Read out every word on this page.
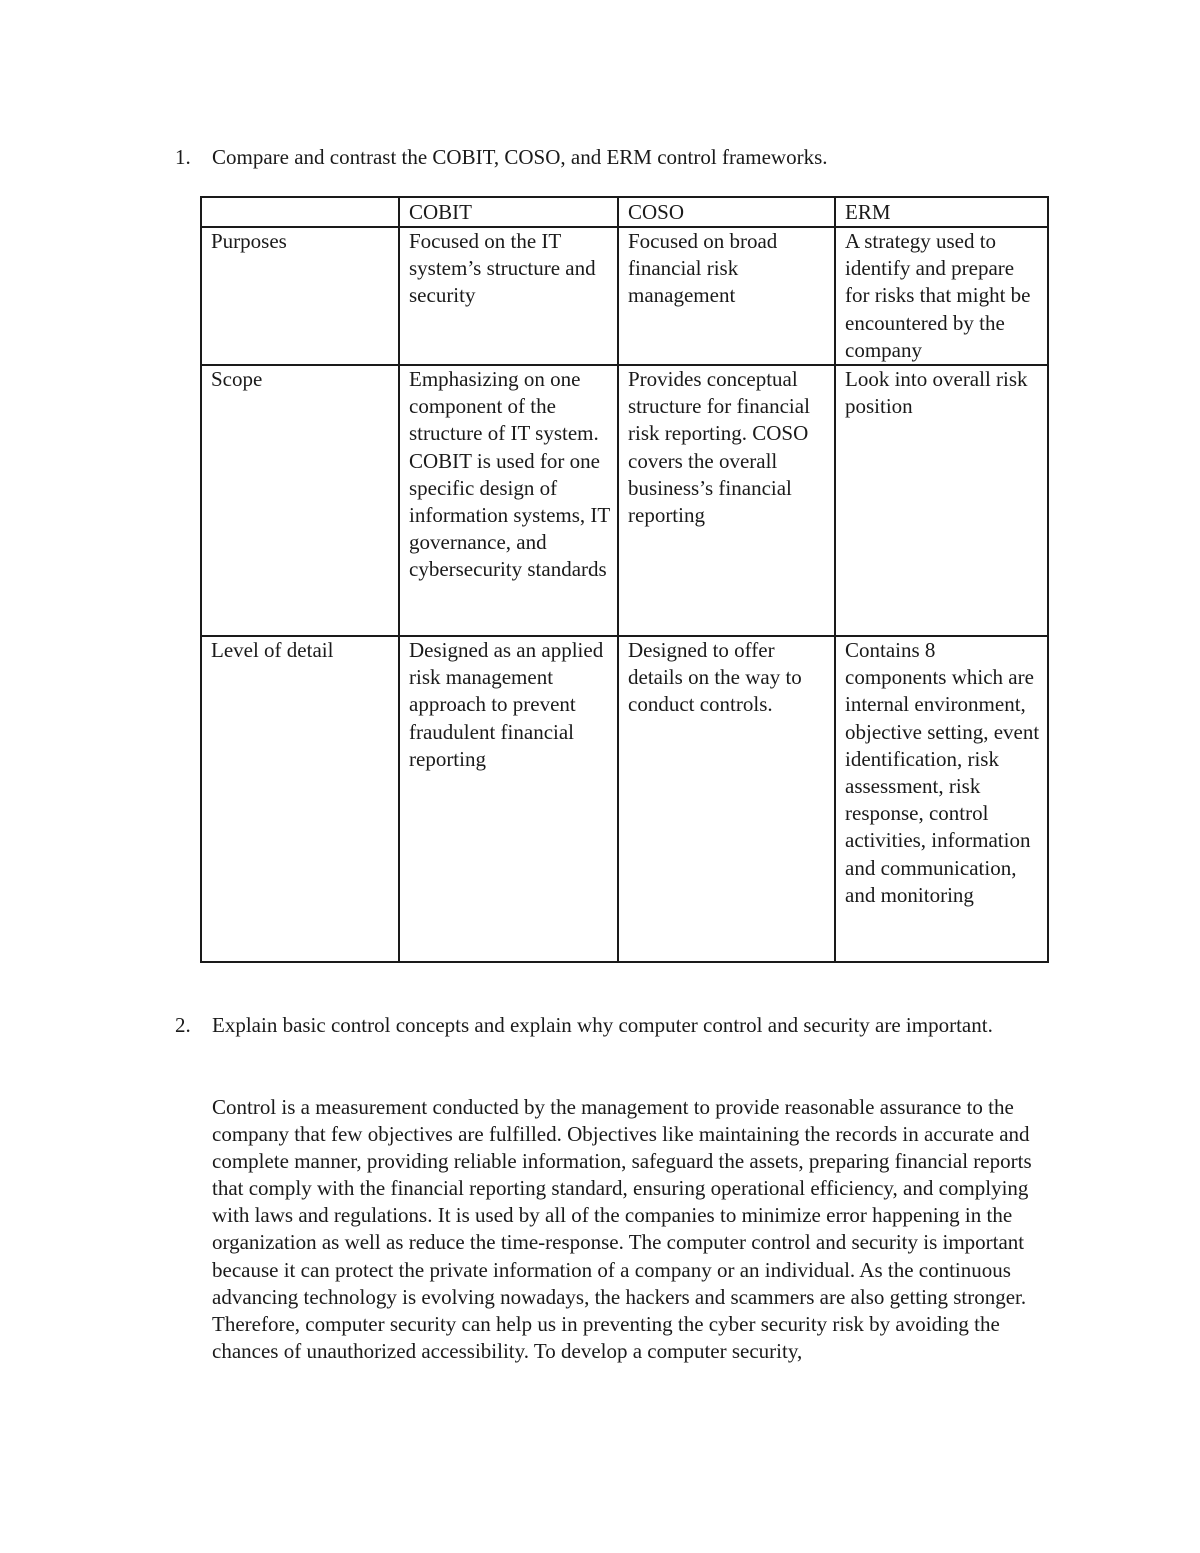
1. Compare and contrast the COBIT, COSO, and ERM control frameworks.
	COBIT	COSO	ERM
Purposes	Focused on the IT system’s structure and security	Focused on broad financial risk management	A strategy used to identify and prepare for risks that might be encountered by the company
Scope	Emphasizing on one component of the structure of IT system. COBIT is used for one specific design of information systems, IT governance, and cybersecurity standards	Provides conceptual structure for financial risk reporting. COSO covers the overall business’s financial reporting	Look into overall risk position
Level of detail	Designed as an applied risk management approach to prevent fraudulent financial reporting	Designed to offer details on the way to conduct controls.	Contains 8 components which are internal environment, objective setting, event identification, risk assessment, risk response, control activities, information and communication, and monitoring
2. Explain basic control concepts and explain why computer control and security are important.
Control is a measurement conducted by the management to provide reasonable assurance to the company that few objectives are fulfilled. Objectives like maintaining the records in accurate and complete manner, providing reliable information, safeguard the assets, preparing financial reports that comply with the financial reporting standard, ensuring operational efficiency, and complying with laws and regulations. It is used by all of the companies to minimize error happening in the organization as well as reduce the time-response. The computer control and security is important because it can protect the private information of a company or an individual. As the continuous advancing technology is evolving nowadays, the hackers and scammers are also getting stronger. Therefore, computer security can help us in preventing the cyber security risk by avoiding the chances of unauthorized accessibility. To develop a computer security,
